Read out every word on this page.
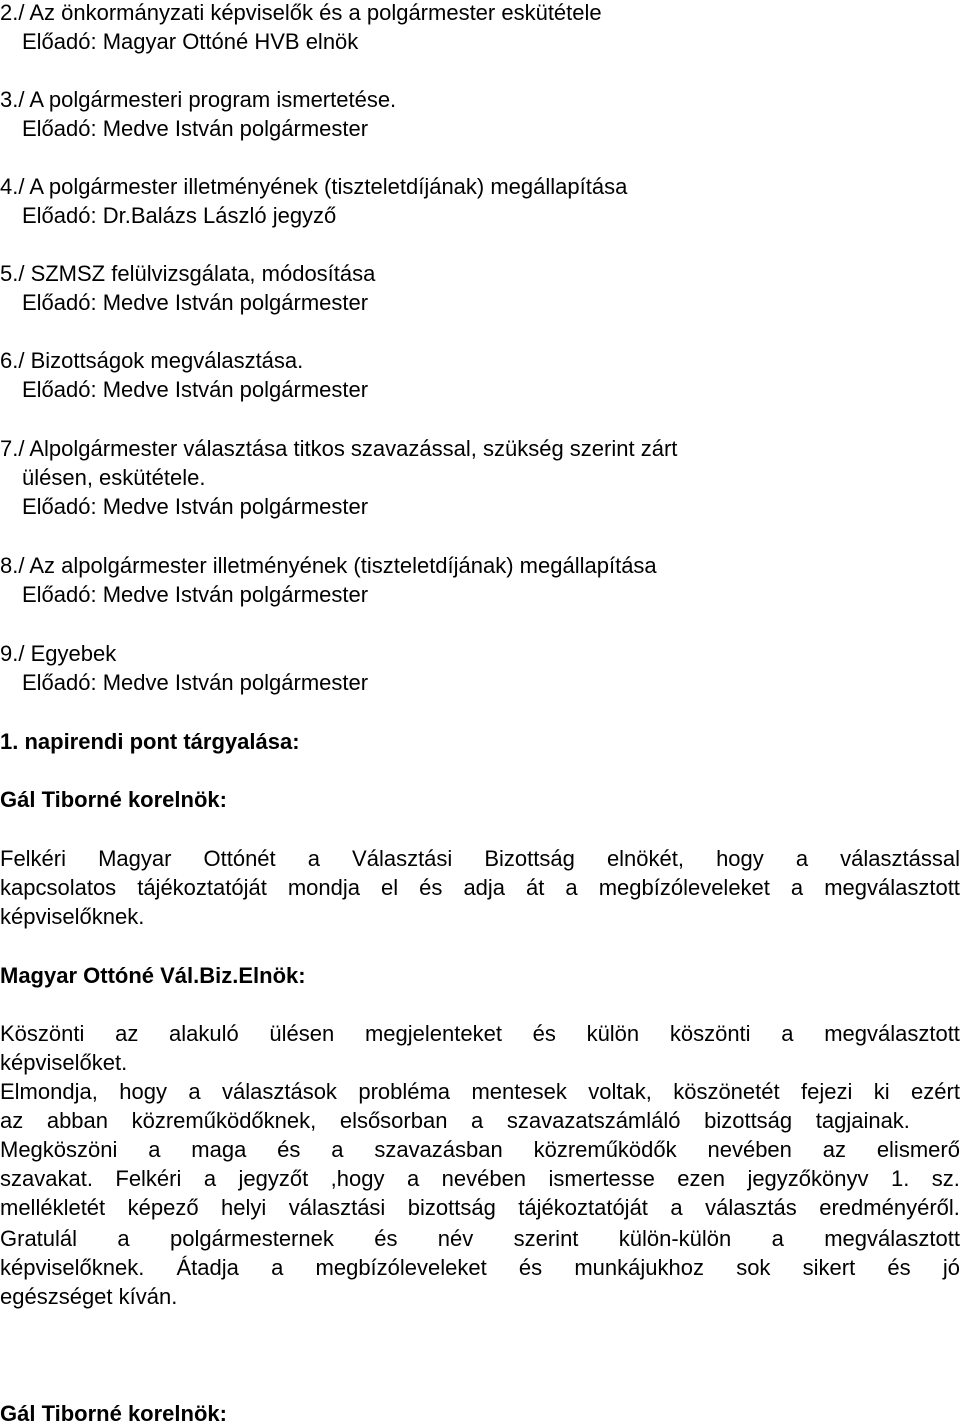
2./ Az önkormányzati képviselők és a polgármester eskütétele
Előadó: Magyar Ottóné HVB elnök
3./ A polgármesteri program ismertetése.
Előadó: Medve István polgármester
4./ A polgármester illetményének (tiszteletdíjának) megállapítása
Előadó: Dr.Balázs László jegyző
5./ SZMSZ felülvizsgálata, módosítása
Előadó: Medve István polgármester
6./ Bizottságok megválasztása.
Előadó: Medve István polgármester
7./ Alpolgármester választása titkos szavazással, szükség szerint zárt
ülésen, eskütétele.
Előadó: Medve István polgármester
8./ Az alpolgármester illetményének (tiszteletdíjának) megállapítása
Előadó: Medve István polgármester
9./ Egyebek
Előadó: Medve István polgármester
1. napirendi pont tárgyalása:
Gál Tiborné korelnök:
Felkéri Magyar Ottónét a Választási Bizottság elnökét, hogy a választással
kapcsolatos tájékoztatóját mondja el és adja át a megbízóleveleket a megválasztott
képviselőknek.
Magyar Ottóné Vál.Biz.Elnök:
Köszönti az alakuló ülésen megjelenteket és külön köszönti a megválasztott
képviselőket.
Elmondja, hogy a választások probléma mentesek voltak, köszönetét fejezi ki ezért
az abban közreműködőknek, elsősorban a szavazatszámláló bizottság tagjainak.
Megköszöni a maga és a szavazásban közreműködők nevében az elismerő
szavakat. Felkéri a jegyzőt ,hogy a nevében ismertesse ezen jegyzőkönyv 1. sz.
mellékletét képező helyi választási bizottság tájékoztatóját a választás eredményéről.
Gratulál a polgármesternek és név szerint külön-külön a megválasztott
képviselőknek. Átadja a megbízóleveleket és munkájukhoz sok sikert és jó
egészséget kíván.
Gál Tiborné korelnök:
